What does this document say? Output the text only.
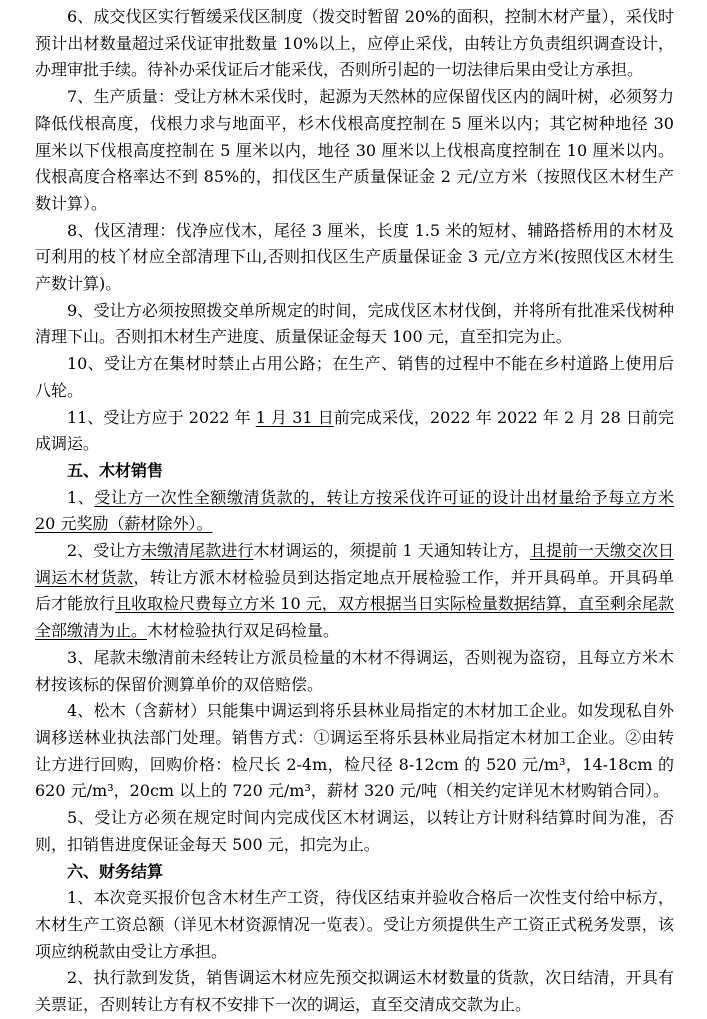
6、成交伐区实行暂缓采伐区制度（拨交时暂留 20%的面积，控制木材产量），采伐时预计出材数量超过采伐证审批数量 10%以上，应停止采伐，由转让方负责组织调查设计，办理审批手续。待补办采伐证后才能采伐，否则所引起的一切法律后果由受让方承担。

7、生产质量：受让方林木采伐时，起源为天然林的应保留伐区内的阔叶树，必须努力降低伐根高度，伐根力求与地面平，杉木伐根高度控制在 5 厘米以内；其它树种地径 30 厘米以下伐根高度控制在 5 厘米以内，地径 30 厘米以上伐根高度控制在 10 厘米以内。伐根高度合格率达不到 85%的，扣伐区生产质量保证金 2 元/立方米（按照伐区木材生产数计算）。

8、伐区清理：伐净应伐木，尾径 3 厘米，长度 1.5 米的短材、辅路搭桥用的木材及可利用的枝丫材应全部清理下山,否则扣伐区生产质量保证金 3 元/立方米(按照伐区木材生产数计算)。

9、受让方必须按照拨交单所规定的时间，完成伐区木材伐倒，并将所有批准采伐树种清理下山。否则扣木材生产进度、质量保证金每天 100 元，直至扣完为止。

10、受让方在集材时禁止占用公路；在生产、销售的过程中不能在乡村道路上使用后八轮。

11、受让方应于 2022 年 1 月 31 日前完成采伐，2022 年 2022 年 2 月 28 日前完成调运。

五、木材销售

1、受让方一次性全额缴清货款的，转让方按采伐许可证的设计出材量给予每立方米 20 元奖励（薪材除外）。

2、受让方未缴清尾款进行木材调运的，须提前 1 天通知转让方，且提前一天缴交次日调运木材货款，转让方派木材检验员到达指定地点开展检验工作，并开具码单。开具码单后才能放行且收取检尺费每立方米 10 元，双方根据当日实际检量数据结算，直至剩余尾款全部缴清为止。木材检验执行双足码检量。

3、尾款未缴清前未经转让方派员检量的木材不得调运，否则视为盗窃，且每立方米木材按该标的保留价测算单价的双倍赔偿。

4、松木（含薪材）只能集中调运到将乐县林业局指定的木材加工企业。如发现私自外调移送林业执法部门处理。销售方式：①调运至将乐县林业局指定木材加工企业。②由转让方进行回购，回购价格：检尺长 2-4m，检尺径 8-12cm 的 520 元/m³，14-18cm 的 620 元/m³，20cm 以上的 720 元/m³，薪材 320 元/吨（相关约定详见木材购销合同）。

5、受让方必须在规定时间内完成伐区木材调运，以转让方计财科结算时间为准，否则，扣销售进度保证金每天 500 元，扣完为止。

六、财务结算

1、本次竞买报价包含木材生产工资，待伐区结束并验收合格后一次性支付给中标方，木材生产工资总额（详见木材资源情况一览表）。受让方须提供生产工资正式税务发票，该项应纳税款由受让方承担。

2、执行款到发货，销售调运木材应先预交拟调运木材数量的货款，次日结清，开具有关票证，否则转让方有权不安排下一次的调运，直至交清成交款为止。
